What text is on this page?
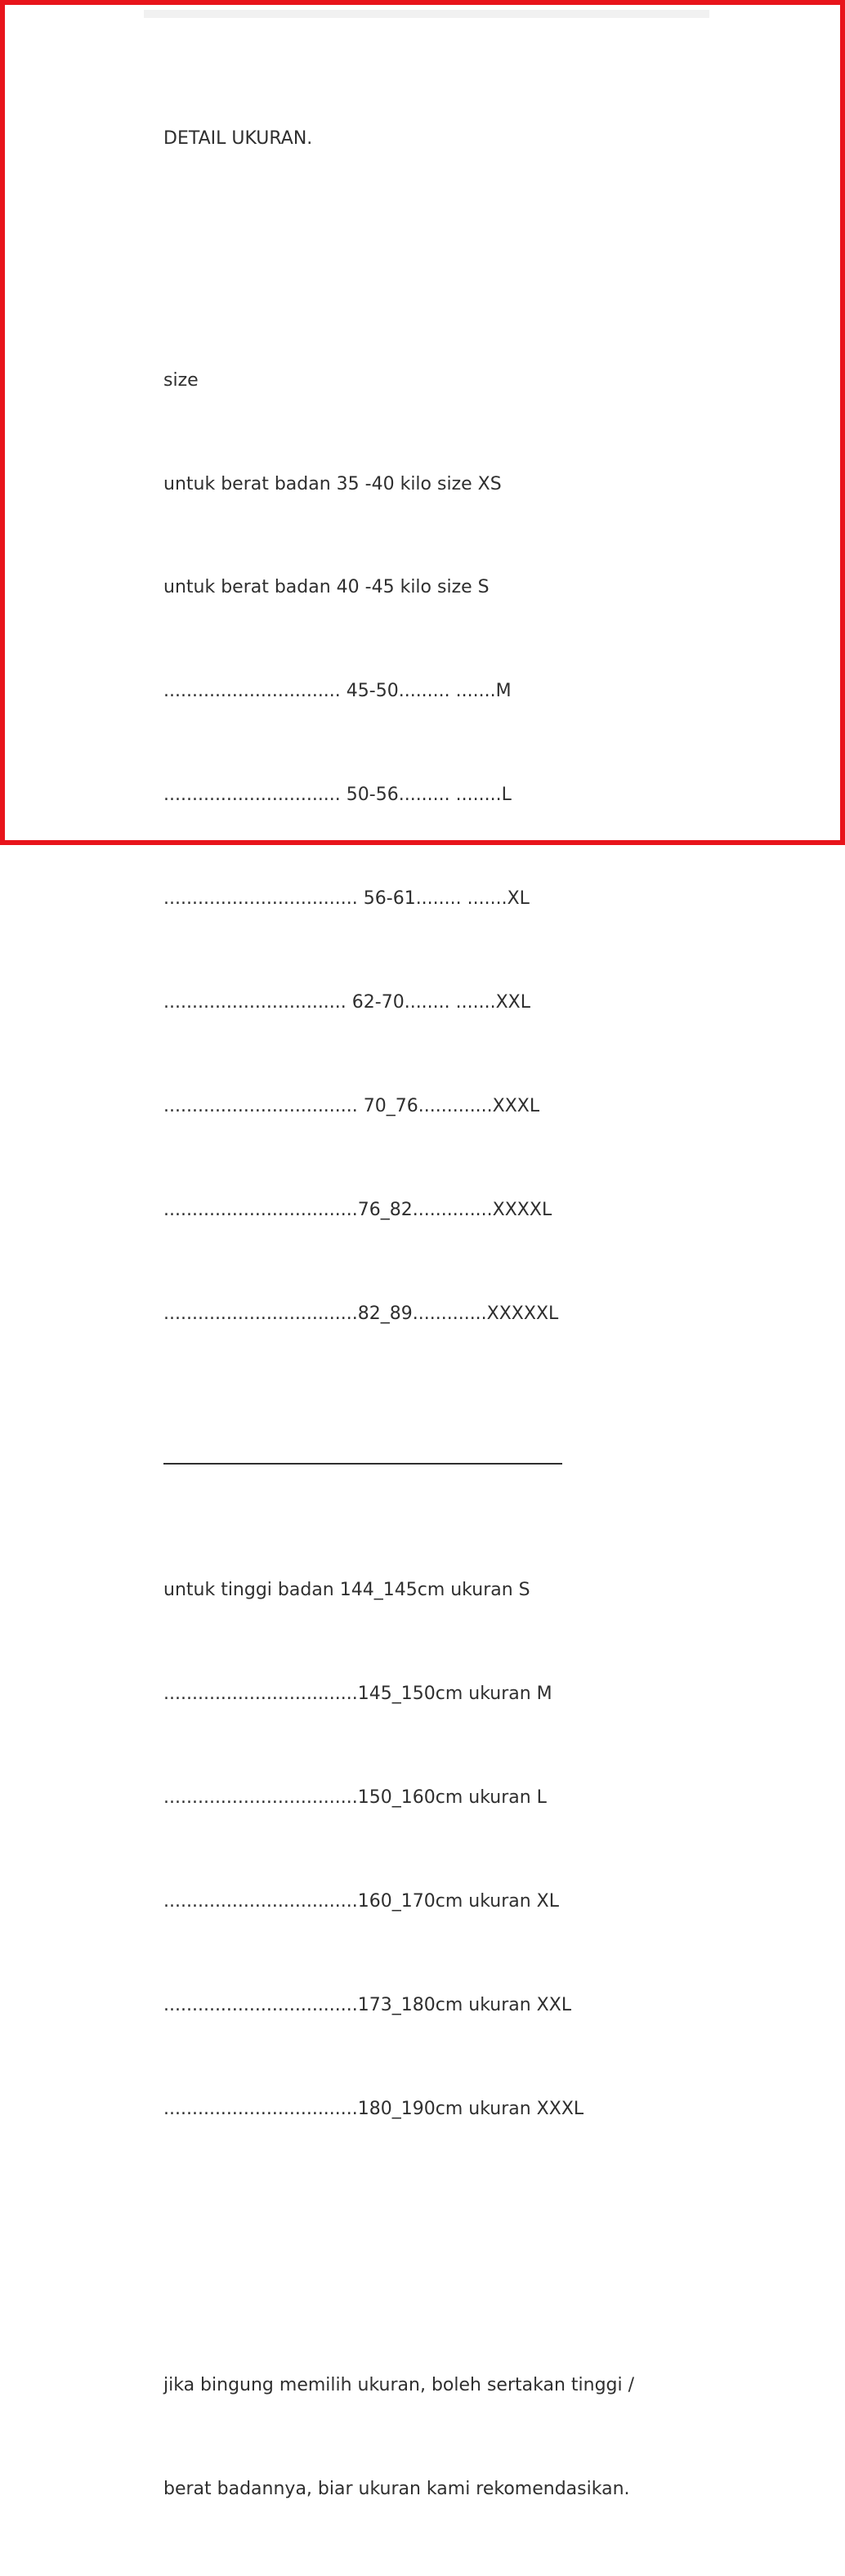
DETAIL UKURAN.

size

untuk berat badan 35 -40 kilo size XS

untuk berat badan 40 -45 kilo size S

............................... 45-50......... .......M

............................... 50-56......... ........L

.................................. 56-61........ .......XL

................................ 62-70........ .......XXL

.................................. 70_76.............XXXL

..................................76_82..............XXXXL

..................................82_89.............XXXXXL

untuk tinggi badan 144_145cm ukuran S

..................................145_150cm ukuran M

..................................150_160cm ukuran L

..................................160_170cm ukuran XL

..................................173_180cm ukuran XXL

..................................180_190cm ukuran XXXL

jika bingung memilih ukuran, boleh sertakan tinggi /

berat badannya, biar ukuran kami rekomendasikan.
